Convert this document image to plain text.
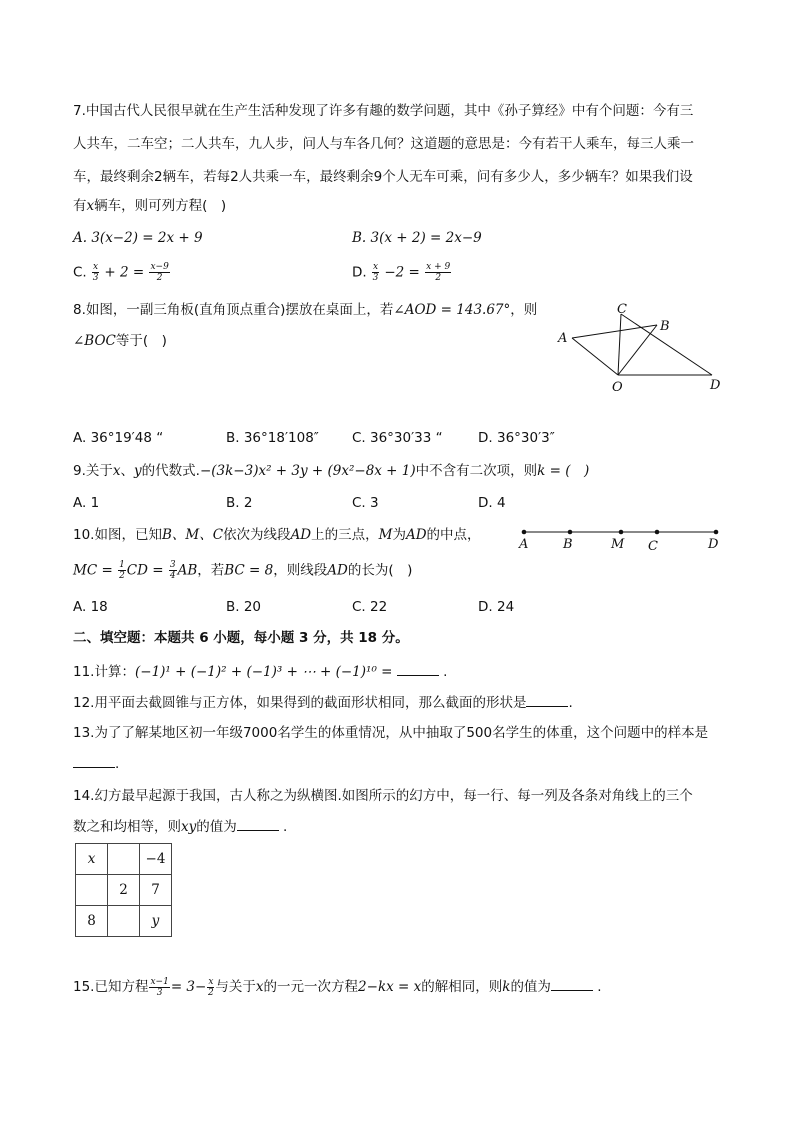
7.中国古代人民很早就在生产生活种发现了许多有趣的数学问题，其中《孙子算经》中有个问题：今有三
人共车，二车空；二人共车，九人步，问人与车各几何？这道题的意思是：今有若干人乘车，每三人乘一
车，最终剩余2辆车，若每2人共乘一车，最终剩余9个人无车可乘，问有多少人，多少辆车？如果我们设
有x辆车，则可列方程(　)
A. 3(x−2) = 2x + 9	B. 3(x + 2) = 2x−9
C. $\frac{x}{3} + 2 = \frac{x-9}{2}$	D. $\frac{x}{3} -2 = \frac{x + 9}{2}$
8.如图，一副三角板(直角顶点重合)摆放在桌面上，若∠AOD = 143.67°，则
∠BOC等于(　)
C
B
A
O	D
A. 36°19′48 “	B. 36°18′108″ C. 36°30′33 “	D. 36°30′3″
9.关于x、y的代数式.−(3k−3)x² + 3y + (9x²−8x + 1)中不含有二次项，则k = (　)
A. 1	B. 2	C. 3	D. 4
10.如图，已知B、M、C依次为线段AD上的三点，M为AD的中点，
A	B	M C	D
MC = $\frac{1}{2}$ CD = $\frac{3}{4}$ AB，若BC = 8，则线段AD的长为(　)
A. 18	B. 20	C. 22	D. 24
二、填空题：本题共 6 小题，每小题 3 分，共 18 分。
11.计算：(−1)¹ + (−1)² + (−1)³ + ⋯ + (−1)¹⁰ =	.
12.用平面去截圆锥与正方体，如果得到的截面形状相同，那么截面的形状是	.
13.为了了解某地区初一年级7000名学生的体重情况，从中抽取了500名学生的体重，这个问题中的样本是
.
14.幻方最早起源于我国，古人称之为纵横图.如图所示的幻方中，每一行、每一列及各条对角线上的三个
数之和均相等，则xy的值为	.
x		−4
	2	7
8		y
15.已知方程 $\frac{x-1}{3} = 3- \frac{x}{2}$ 与关于x的一元一次方程2−kx = x的解相同，则k的值为	.
